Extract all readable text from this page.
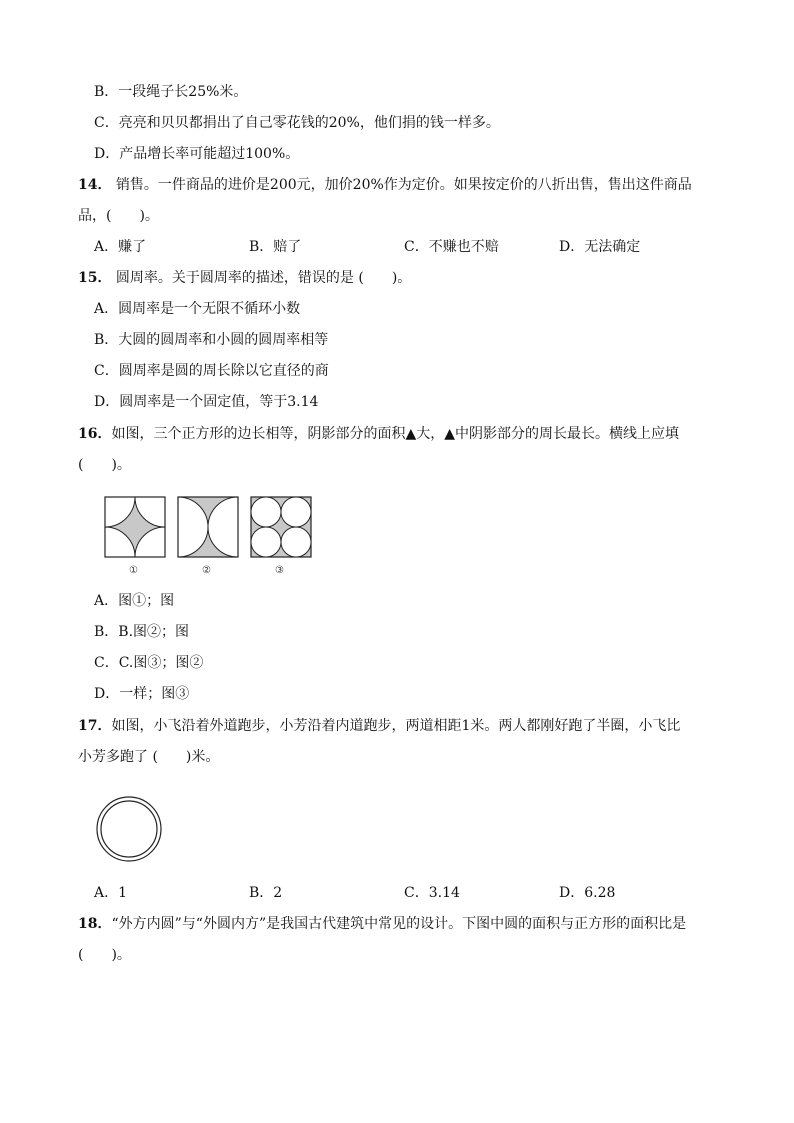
B．一段绳子长25%米。
C．亮亮和贝贝都捐出了自己零花钱的20%，他们捐的钱一样多。
D．产品增长率可能超过100%。
14． 销售。一件商品的进价是200元，加价20%作为定价。如果按定价的八折出售，售出这件商品
品，(　　)。
A．赚了	B．赔了	C．不赚也不赔	D．无法确定
15． 圆周率。关于圆周率的描述，错误的是 (　　)。
A．圆周率是一个无限不循环小数
B．大圆的圆周率和小圆的圆周率相等
C．圆周率是圆的周长除以它直径的商
D．圆周率是一个固定值，等于3.14
16．如图，三个正方形的边长相等，阴影部分的面积▲大，▲中阴影部分的周长最长。横线上应填
(　　)。
①	②	③
A．图①；图
B．B.图②；图
C．C.图③；图②
D．一样；图③
17．如图，小飞沿着外道跑步，小芳沿着内道跑步，两道相距1米。两人都刚好跑了半圈，小飞比
小芳多跑了 (　　)米。
A．1	B．2	C．3.14	D．6.28
18．“外方内圆”与“外圆内方”是我国古代建筑中常见的设计。下图中圆的面积与正方形的面积比是
(　　)。
